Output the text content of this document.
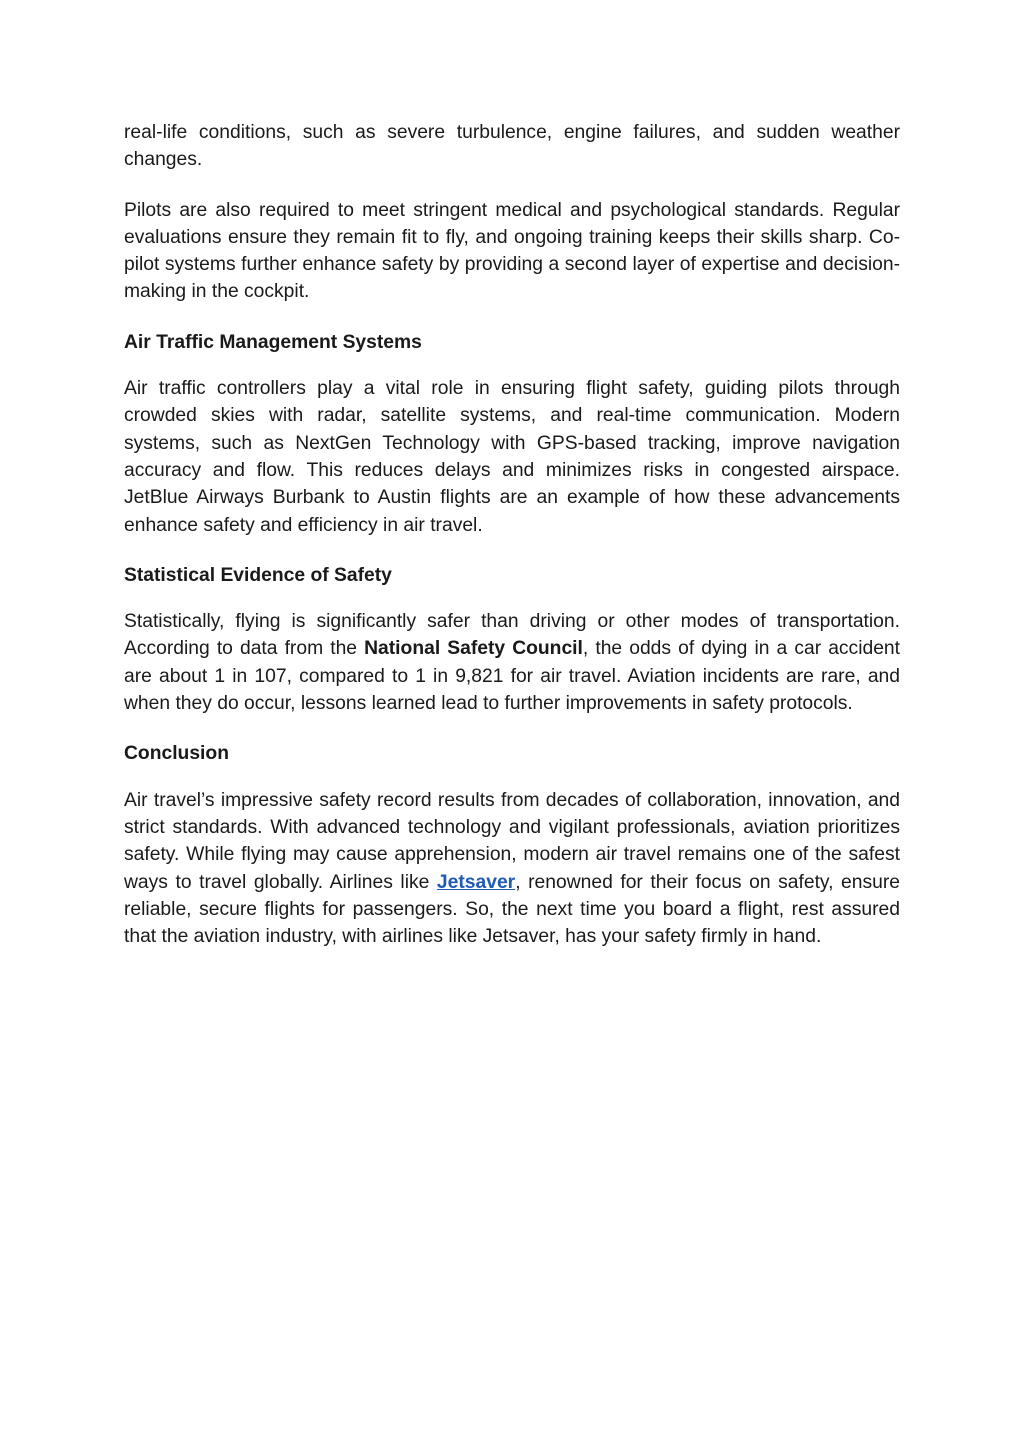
real-life conditions, such as severe turbulence, engine failures, and sudden weather changes.

Pilots are also required to meet stringent medical and psychological standards. Regular evaluations ensure they remain fit to fly, and ongoing training keeps their skills sharp. Co-pilot systems further enhance safety by providing a second layer of expertise and decision-making in the cockpit.

Air Traffic Management Systems

Air traffic controllers play a vital role in ensuring flight safety, guiding pilots through crowded skies with radar, satellite systems, and real-time communication. Modern systems, such as NextGen Technology with GPS-based tracking, improve navigation accuracy and flow. This reduces delays and minimizes risks in congested airspace. JetBlue Airways Burbank to Austin flights are an example of how these advancements enhance safety and efficiency in air travel.

Statistical Evidence of Safety

Statistically, flying is significantly safer than driving or other modes of transportation. According to data from the National Safety Council, the odds of dying in a car accident are about 1 in 107, compared to 1 in 9,821 for air travel. Aviation incidents are rare, and when they do occur, lessons learned lead to further improvements in safety protocols.

Conclusion

Air travel’s impressive safety record results from decades of collaboration, innovation, and strict standards. With advanced technology and vigilant professionals, aviation prioritizes safety. While flying may cause apprehension, modern air travel remains one of the safest ways to travel globally. Airlines like Jetsaver, renowned for their focus on safety, ensure reliable, secure flights for passengers. So, the next time you board a flight, rest assured that the aviation industry, with airlines like Jetsaver, has your safety firmly in hand.
